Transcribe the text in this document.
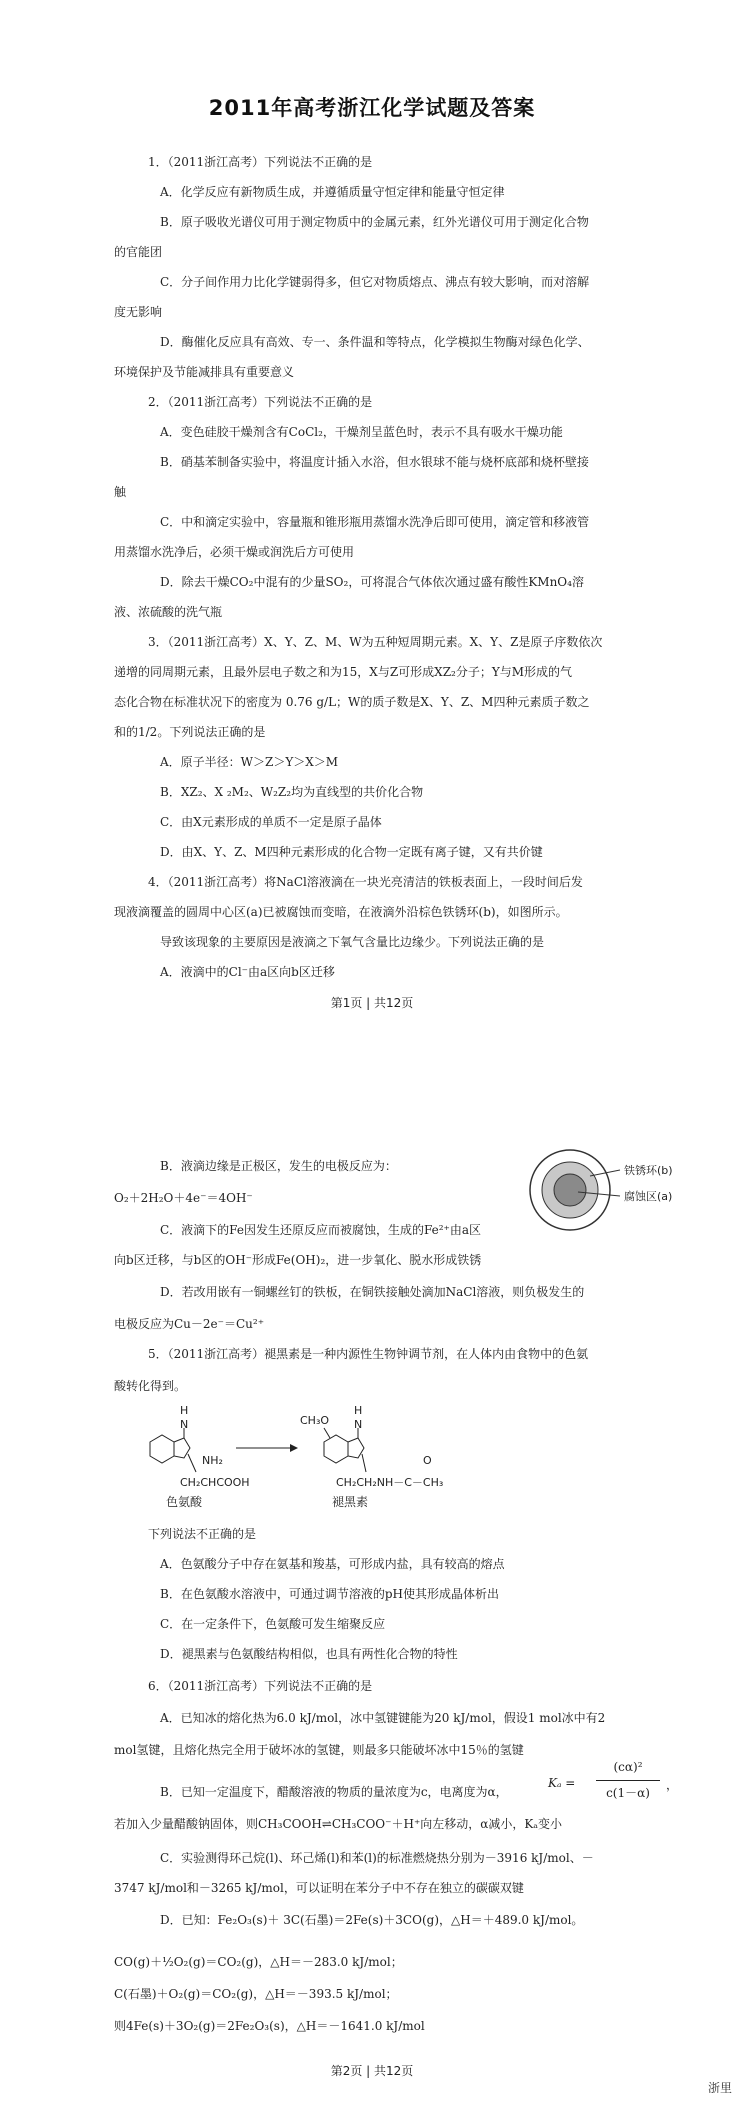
2011年高考浙江化学试题及答案
1．（2011浙江高考）下列说法不正确的是
A．化学反应有新物质生成，并遵循质量守恒定律和能量守恒定律
B．原子吸收光谱仪可用于测定物质中的金属元素，红外光谱仪可用于测定化合物
的官能团
C．分子间作用力比化学键弱得多，但它对物质熔点、沸点有较大影响，而对溶解
度无影响
D．酶催化反应具有高效、专一、条件温和等特点，化学模拟生物酶对绿色化学、
环境保护及节能减排具有重要意义
2．（2011浙江高考）下列说法不正确的是
A．变色硅胶干燥剂含有CoCl₂，干燥剂呈蓝色时，表示不具有吸水干燥功能
B．硝基苯制备实验中，将温度计插入水浴，但水银球不能与烧杯底部和烧杯壁接
触
C．中和滴定实验中，容量瓶和锥形瓶用蒸馏水洗净后即可使用，滴定管和移液管
用蒸馏水洗净后，必须干燥或润洗后方可使用
D．除去干燥CO₂中混有的少量SO₂，可将混合气体依次通过盛有酸性KMnO₄溶
液、浓硫酸的洗气瓶
3．（2011浙江高考）X、Y、Z、M、W为五种短周期元素。X、Y、Z是原子序数依次
递增的同周期元素，且最外层电子数之和为15，X与Z可形成XZ₂分子；Y与M形成的气
态化合物在标准状况下的密度为 0.76 g/L；W的质子数是X、Y、Z、M四种元素质子数之
和的1/2。下列说法正确的是
A．原子半径：W＞Z＞Y＞X＞M
B．XZ₂、X ₂M₂、W₂Z₂均为直线型的共价化合物
C．由X元素形成的单质不一定是原子晶体
D．由X、Y、Z、M四种元素形成的化合物一定既有离子键，又有共价键
4．（2011浙江高考）将NaCl溶液滴在一块光亮清洁的铁板表面上，一段时间后发
现液滴覆盖的圆周中心区(a)已被腐蚀而变暗，在液滴外沿棕色铁锈环(b)，如图所示。
导致该现象的主要原因是液滴之下氧气含量比边缘少。下列说法正确的是
A．液滴中的Cl⁻由a区向b区迁移
第1页 | 共12页
B．液滴边缘是正极区，发生的电极反应为：
O₂＋2H₂O＋4e⁻＝4OH⁻
C．液滴下的Fe因发生还原反应而被腐蚀，生成的Fe²⁺由a区
向b区迁移，与b区的OH⁻形成Fe(OH)₂，进一步氧化、脱水形成铁锈
D．若改用嵌有一铜螺丝钉的铁板，在铜铁接触处滴加NaCl溶液，则负极发生的
电极反应为Cu－2e⁻＝Cu²⁺
铁锈环(b)
腐蚀区(a)
5．（2011浙江高考）褪黑素是一种内源性生物钟调节剂，在人体内由食物中的色氨
酸转化得到。
H
N
NH₂
CH₂CHCOOH
色氨酸
CH₃O
H
N
O
CH₂CH₂NH－C－CH₃
褪黑素
下列说法不正确的是
A．色氨酸分子中存在氨基和羧基，可形成内盐，具有较高的熔点
B．在色氨酸水溶液中，可通过调节溶液的pH使其形成晶体析出
C．在一定条件下，色氨酸可发生缩聚反应
D．褪黑素与色氨酸结构相似，也具有两性化合物的特性
6．（2011浙江高考）下列说法不正确的是
A．已知冰的熔化热为6.0 kJ/mol，冰中氢键键能为20 kJ/mol，假设1 mol冰中有2
mol氢键，且熔化热完全用于破坏冰的氢键，则最多只能破坏冰中15％的氢键
B．已知一定温度下，醋酸溶液的物质的量浓度为c，电离度为α，
Kₐ =
(cα)²
c(1－α)
，
若加入少量醋酸钠固体，则CH₃COOH⇌CH₃COO⁻＋H⁺向左移动，α减小，Kₐ变小
C．实验测得环己烷(l)、环己烯(l)和苯(l)的标准燃烧热分别为－3916 kJ/mol、－
3747 kJ/mol和－3265 kJ/mol，可以证明在苯分子中不存在独立的碳碳双键
D．已知：Fe₂O₃(s)＋ 3C(石墨)＝2Fe(s)＋3CO(g)，△H＝＋489.0 kJ/mol。
CO(g)＋½O₂(g)＝CO₂(g)，△H＝－283.0 kJ/mol；
C(石墨)＋O₂(g)＝CO₂(g)，△H＝－393.5 kJ/mol；
则4Fe(s)＋3O₂(g)＝2Fe₂O₃(s)，△H＝－1641.0 kJ/mol
第2页 | 共12页
浙里
